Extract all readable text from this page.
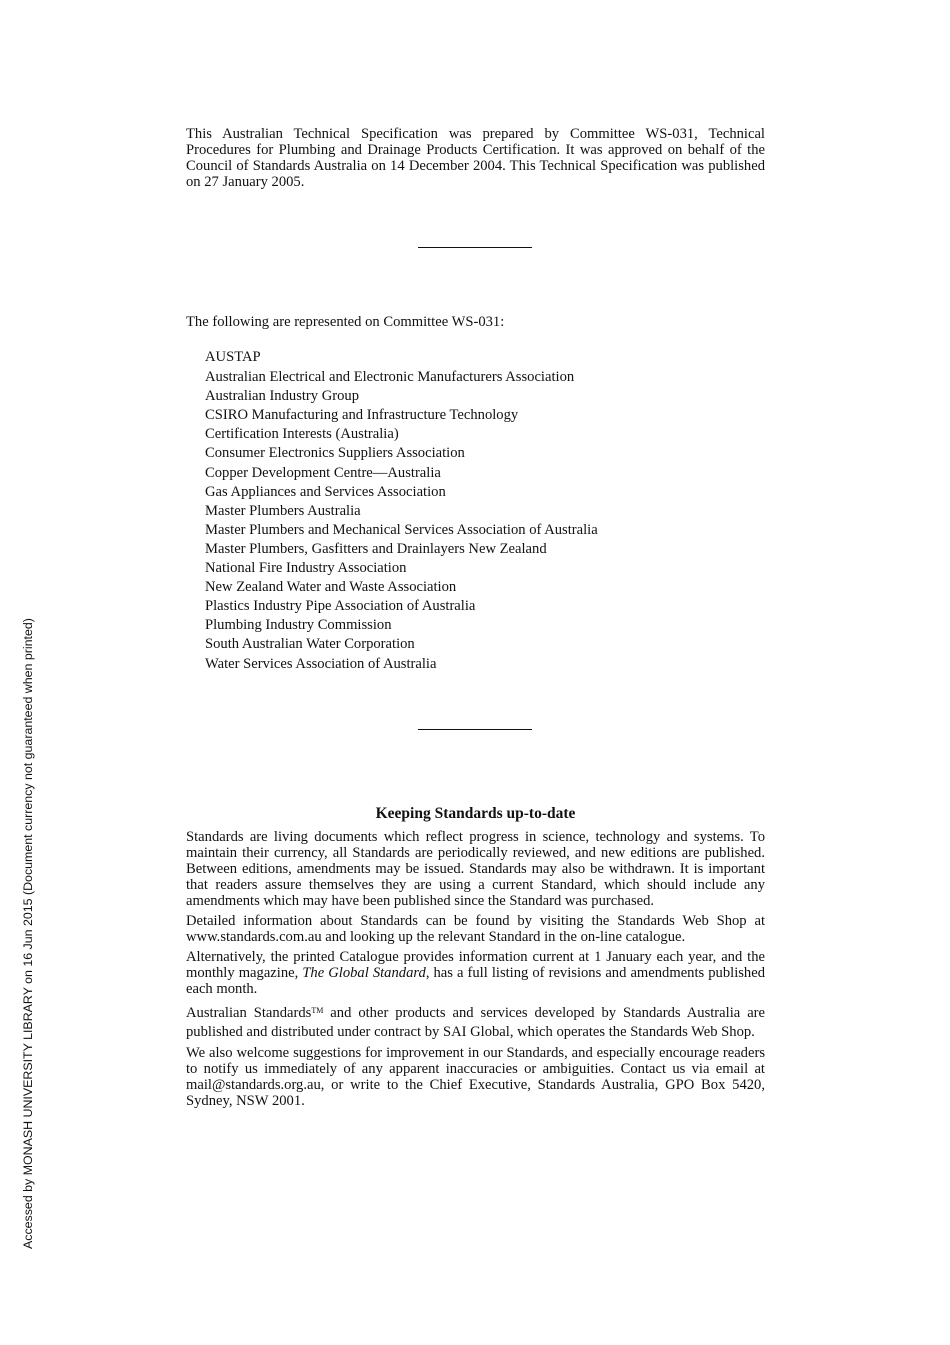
This Australian Technical Specification was prepared by Committee WS-031, Technical Procedures for Plumbing and Drainage Products Certification. It was approved on behalf of the Council of Standards Australia on 14 December 2004. This Technical Specification was published on 27 January 2005.

The following are represented on Committee WS-031:

AUSTAP
Australian Electrical and Electronic Manufacturers Association
Australian Industry Group
CSIRO Manufacturing and Infrastructure Technology
Certification Interests (Australia)
Consumer Electronics Suppliers Association
Copper Development Centre—Australia
Gas Appliances and Services Association
Master Plumbers Australia
Master Plumbers and Mechanical Services Association of Australia
Master Plumbers, Gasfitters and Drainlayers New Zealand
National Fire Industry Association
New Zealand Water and Waste Association
Plastics Industry Pipe Association of Australia
Plumbing Industry Commission
South Australian Water Corporation
Water Services Association of Australia
Keeping Standards up-to-date

Standards are living documents which reflect progress in science, technology and systems. To maintain their currency, all Standards are periodically reviewed, and new editions are published. Between editions, amendments may be issued. Standards may also be withdrawn. It is important that readers assure themselves they are using a current Standard, which should include any amendments which may have been published since the Standard was purchased.

Detailed information about Standards can be found by visiting the Standards Web Shop at www.standards.com.au and looking up the relevant Standard in the on-line catalogue.

Alternatively, the printed Catalogue provides information current at 1 January each year, and the monthly magazine, The Global Standard, has a full listing of revisions and amendments published each month.

Australian Standards™ and other products and services developed by Standards Australia are published and distributed under contract by SAI Global, which operates the Standards Web Shop.

We also welcome suggestions for improvement in our Standards, and especially encourage readers to notify us immediately of any apparent inaccuracies or ambiguities. Contact us via email at mail@standards.org.au, or write to the Chief Executive, Standards Australia, GPO Box 5420, Sydney, NSW 2001.

Accessed by MONASH UNIVERSITY LIBRARY on 16 Jun 2015 (Document currency not guaranteed when printed)
